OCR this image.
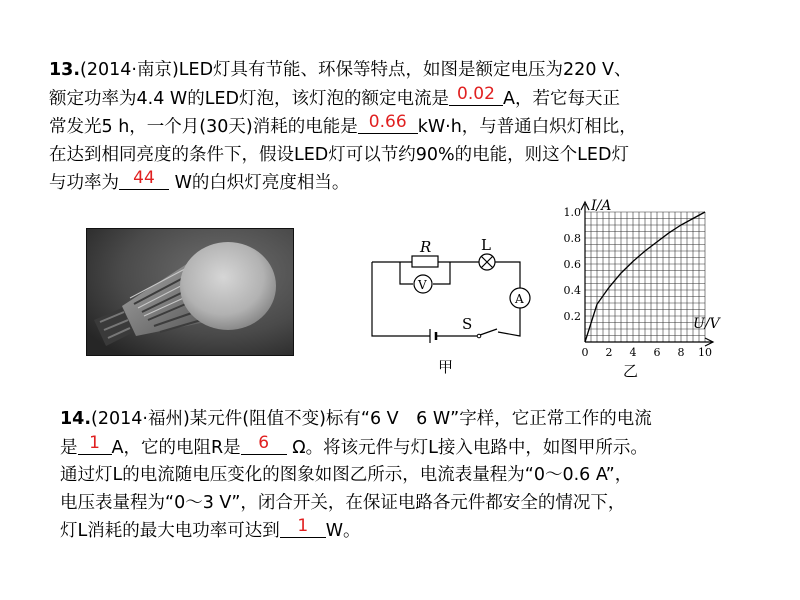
13.(2014·南京)LED灯具有节能、环保等特点，如图是额定电压为220 V、
额定功率为4.4 W的LED灯泡，该灯泡的额定电流是 0.02 A，若它每天正
常发光5 h，一个月(30天)消耗的电能是 0.66 kW·h，与普通白炽灯相比，
在达到相同亮度的条件下，假设LED灯可以节约90%的电能，则这个LED灯
与功率为 44 W的白炽灯亮度相当。
R	L
S
V
A
甲
1.0
0.8
0.6
0.4
0.2
0 2 4 6 8 10
I/A
U/V
乙
14.(2014·福州)某元件(阻值不变)标有“6 V　6 W”字样，它正常工作的电流
是 1 A，它的电阻R是	6	Ω。将该元件与灯L接入电路中，如图甲所示。
通过灯L的电流随电压变化的图象如图乙所示，电流表量程为“0～0.6 A”，
电压表量程为“0～3 V”，闭合开关，在保证电路各元件都安全的情况下，
灯L消耗的最大电功率可达到	1	W。
